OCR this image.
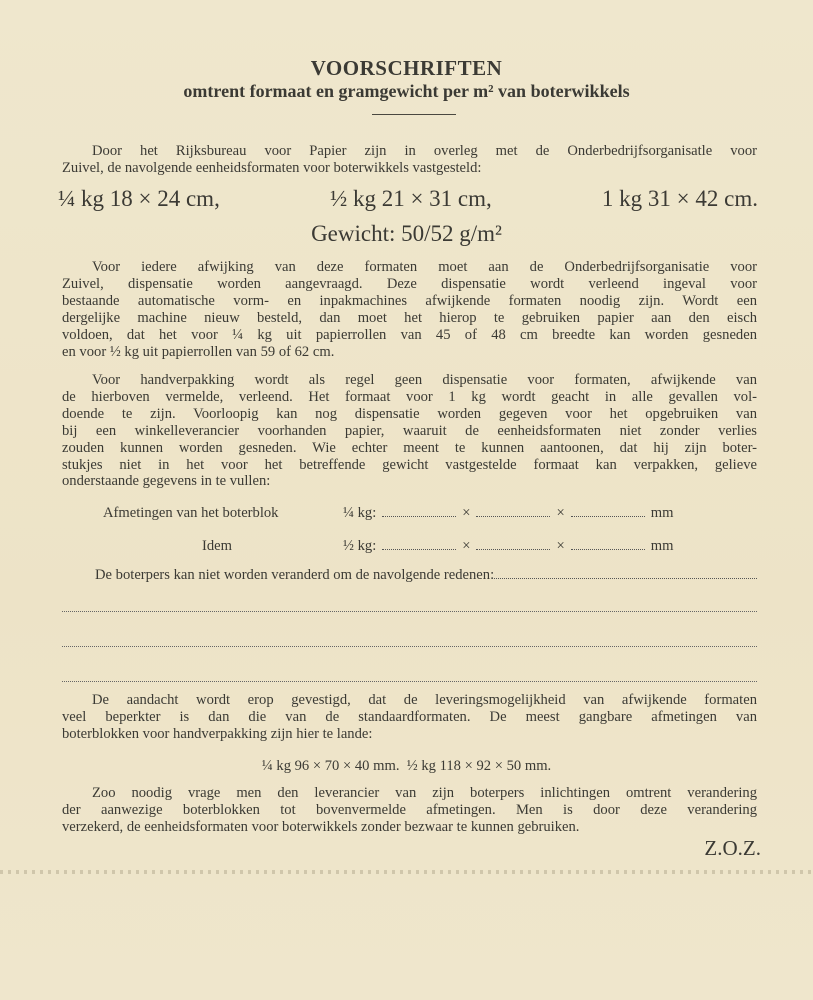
VOORSCHRIFTEN
omtrent formaat en gramgewicht per m² van boterwikkels
Door het Rijksbureau voor Papier zijn in overleg met de Onderbedrijfsorganisatle voor
Zuivel, de navolgende eenheidsformaten voor boterwikkels vastgesteld:
¼ kg 18 × 24 cm,	½ kg 21 × 31 cm,	1 kg 31 × 42 cm.
Gewicht: 50/52 g/m²
Voor iedere afwijking van deze formaten moet aan de Onderbedrijfsorganisatie voor
Zuivel, dispensatie worden aangevraagd. Deze dispensatie wordt verleend ingeval voor
bestaande automatische vorm- en inpakmachines afwijkende formaten noodig zijn. Wordt een
dergelijke machine nieuw besteld, dan moet het hierop te gebruiken papier aan den eisch
voldoen, dat het voor ¼ kg uit papierrollen van 45 of 48 cm breedte kan worden gesneden
en voor ½ kg uit papierrollen van 59 of 62 cm.
Voor handverpakking wordt als regel geen dispensatie voor formaten, afwijkende van
de hierboven vermelde, verleend. Het formaat voor 1 kg wordt geacht in alle gevallen vol-
doende te zijn. Voorloopig kan nog dispensatie worden gegeven voor het opgebruiken van
bij een winkelleverancier voorhanden papier, waaruit de eenheidsformaten niet zonder verlies
zouden kunnen worden gesneden. Wie echter meent te kunnen aantoonen, dat hij zijn boter-
stukjes niet in het voor het betreffende gewicht vastgestelde formaat kan verpakken, gelieve
onderstaande gegevens in te vullen:
Afmetingen van het boterblok	¼ kg:	×	×	mm
Idem	½ kg:	×	×	mm
De boterpers kan niet worden veranderd om de navolgende redenen:
De aandacht wordt erop gevestigd, dat de leveringsmogelijkheid van afwijkende formaten
veel beperkter is dan die van de standaardformaten. De meest gangbare afmetingen van
boterblokken voor handverpakking zijn hier te lande:
¼ kg 96 × 70 × 40 mm.  ½ kg 118 × 92 × 50 mm.
Zoo noodig vrage men den leverancier van zijn boterpers inlichtingen omtrent verandering
der aanwezige boterblokken tot bovenvermelde afmetingen. Men is door deze verandering
verzekerd, de eenheidsformaten voor boterwikkels zonder bezwaar te kunnen gebruiken.
Z.O.Z.
